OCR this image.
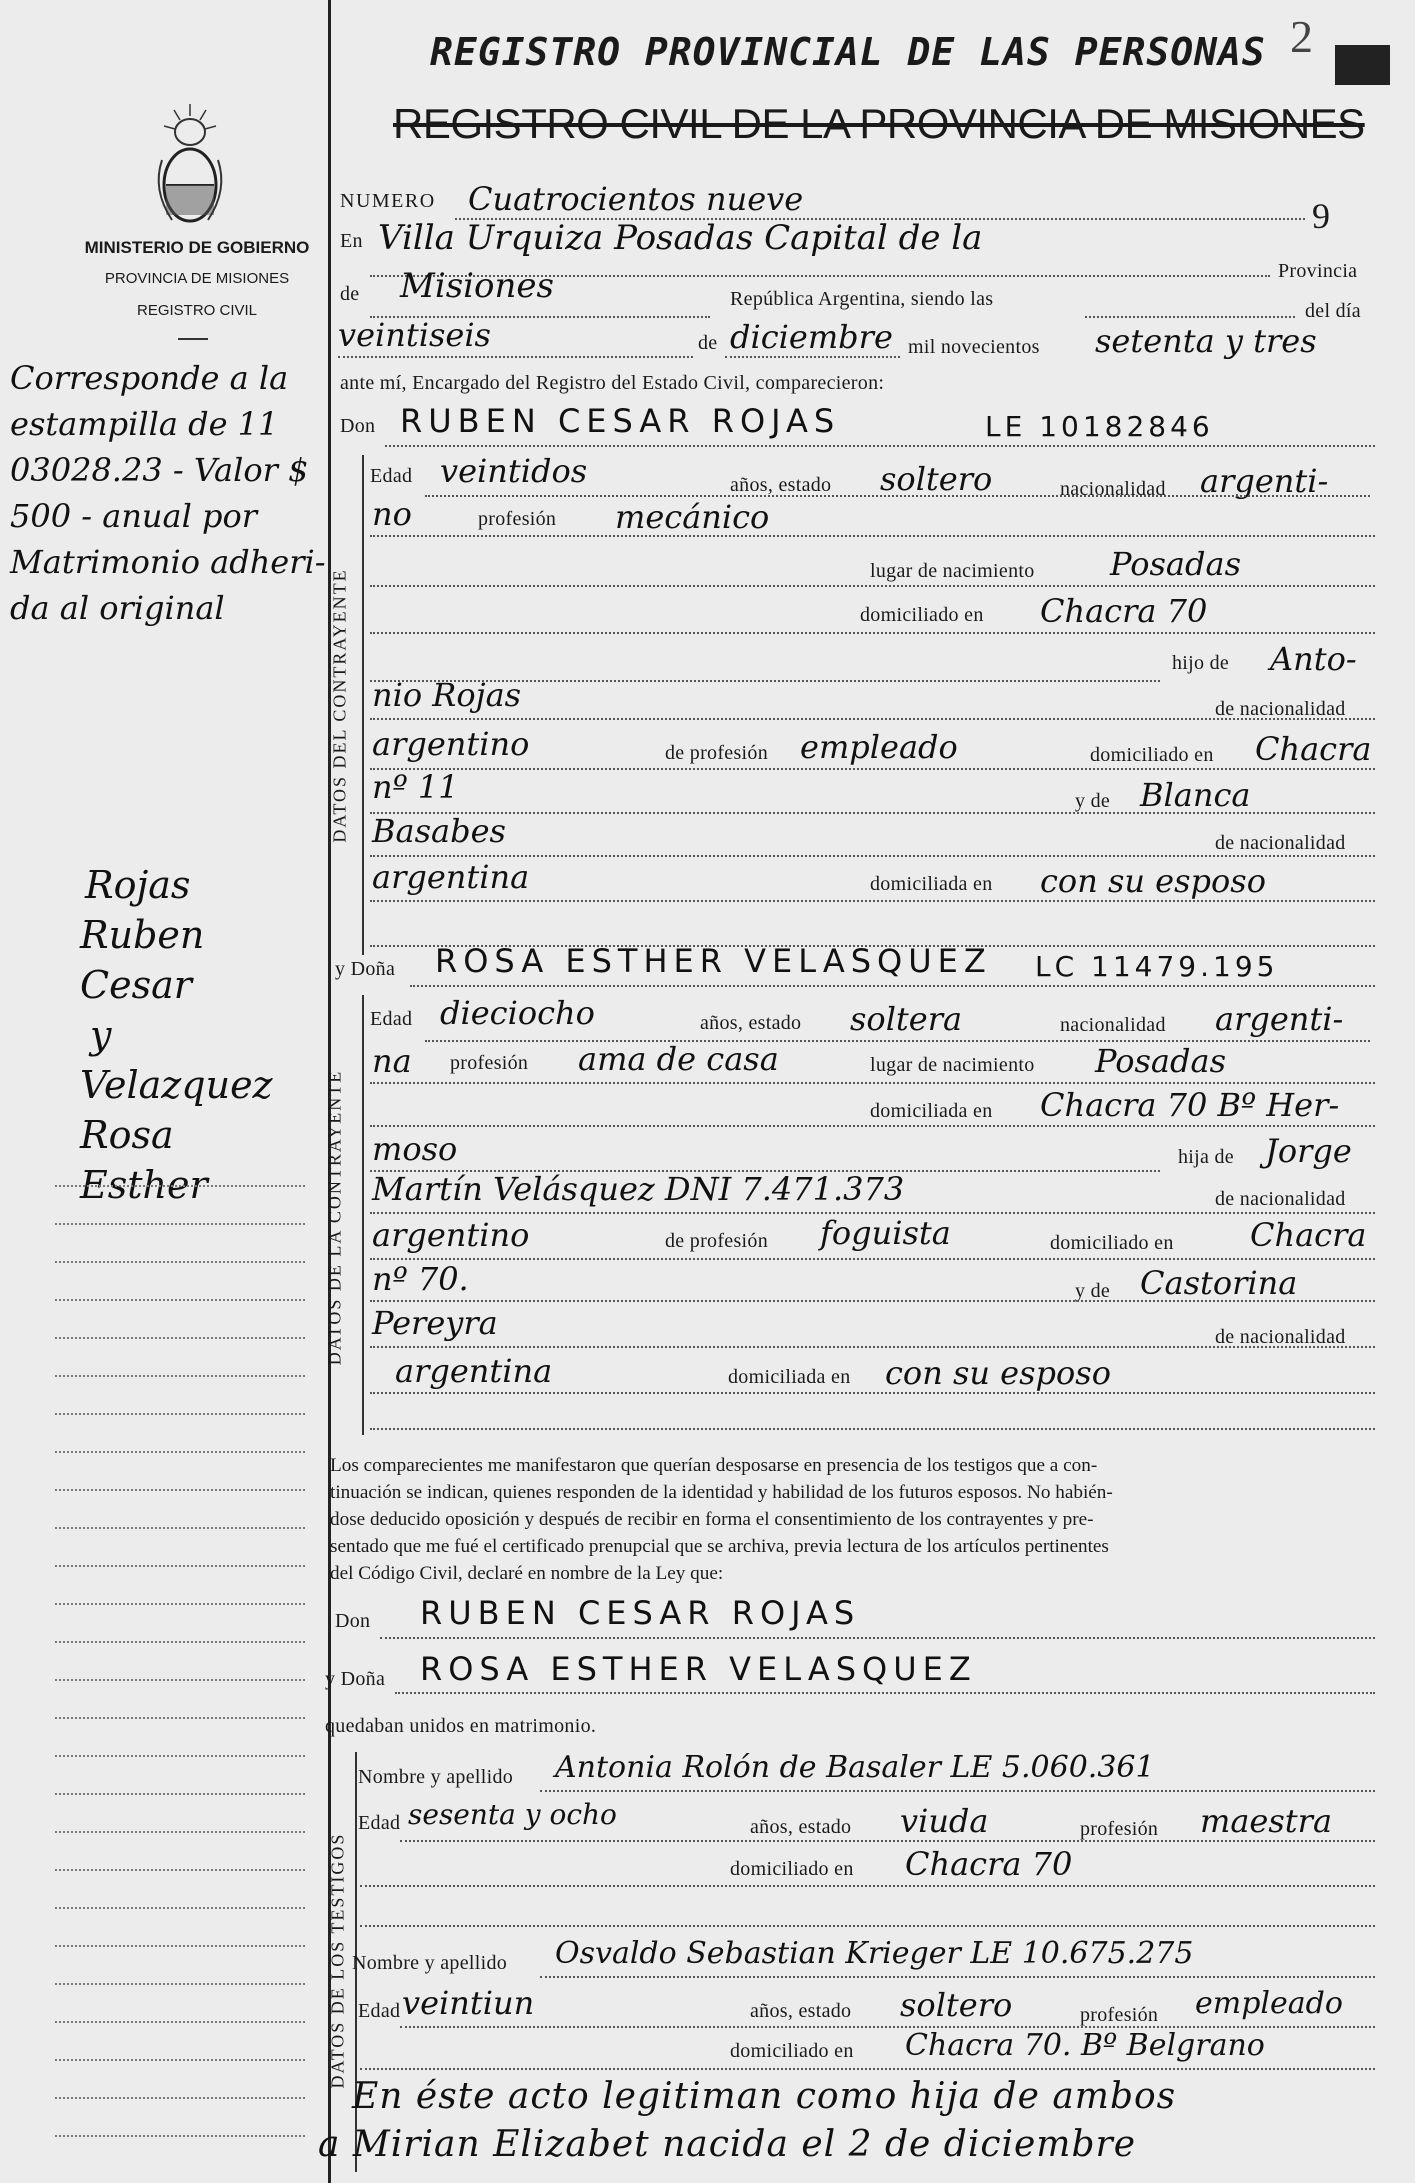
MINISTERIO DE GOBIERNO
PROVINCIA DE MISIONES
REGISTRO CIVIL
Corresponde a la
estampilla de 11
03028.23 - Valor $
500 - anual por
Matrimonio adheri-
da al original
Rojas
Ruben
Cesar
y
Velazquez
Rosa
Esther
REGISTRO PROVINCIAL DE LAS PERSONAS
REGISTRO CIVIL DE LA PROVINCIA DE MISIONES
2
9
NUMERO Cuatrocientos nueve
En Villa Urquiza Posadas Capital de la
Provincia
de Misiones	República Argentina, siendo las
del día
veintiseis	de diciembre mil novecientos setenta y tres
ante mí, Encargado del Registro del Estado Civil, comparecieron:
Don RUBEN CESAR ROJAS	LE 10182846
DATOS DEL CONTRAYENTE
Edad veintidos	años, estado soltero	nacionalidad argenti-
no	profesión mecánico
lugar de nacimiento Posadas
domiciliado en Chacra 70
hijo de Anto-
nio Rojas	de nacionalidad
argentino	de profesión empleado	domiciliado en Chacra
nº 11	y de Blanca
Basabes	de nacionalidad
argentina	domiciliada en con su esposo
y Doña ROSA ESTHER VELASQUEZ LC 11479.195
DATOS DE LA CONTRAYENTE
Edad dieciocho	años, estado soltera	nacionalidad argenti-
na profesión ama de casa	lugar de nacimiento Posadas
domiciliada en Chacra 70 Bº Her-
moso	hija de Jorge
Martín Velásquez DNI 7.471.373	de nacionalidad
argentino	de profesión foguista	domiciliado en Chacra
nº 70.	y de Castorina
Pereyra	de nacionalidad
argentina	domiciliada en con su esposo
Los comparecientes me manifestaron que querían desposarse en presencia de los testigos que a con-
tinuación se indican, quienes responden de la identidad y habilidad de los futuros esposos. No habién-
dose deducido oposición y después de recibir en forma el consentimiento de los contrayentes y pre-
sentado que me fué el certificado prenupcial que se archiva, previa lectura de los artículos pertinentes
del Código Civil, declaré en nombre de la Ley que:
Don RUBEN CESAR ROJAS
y Doña ROSA ESTHER VELASQUEZ
quedaban unidos en matrimonio.
DATOS DE LOS TESTIGOS
Nombre y apellido Antonia Rolón de Basaler LE 5.060.361
Edad sesenta y ocho	años, estado viuda	profesión maestra
domiciliado en Chacra 70
Nombre y apellido Osvaldo Sebastian Krieger LE 10.675.275
Edad veintiun	años, estado soltero	profesión empleado
domiciliado en Chacra 70. Bº Belgrano
En éste acto legitiman como hija de ambos
a Mirian Elizabet nacida el 2 de diciembre
